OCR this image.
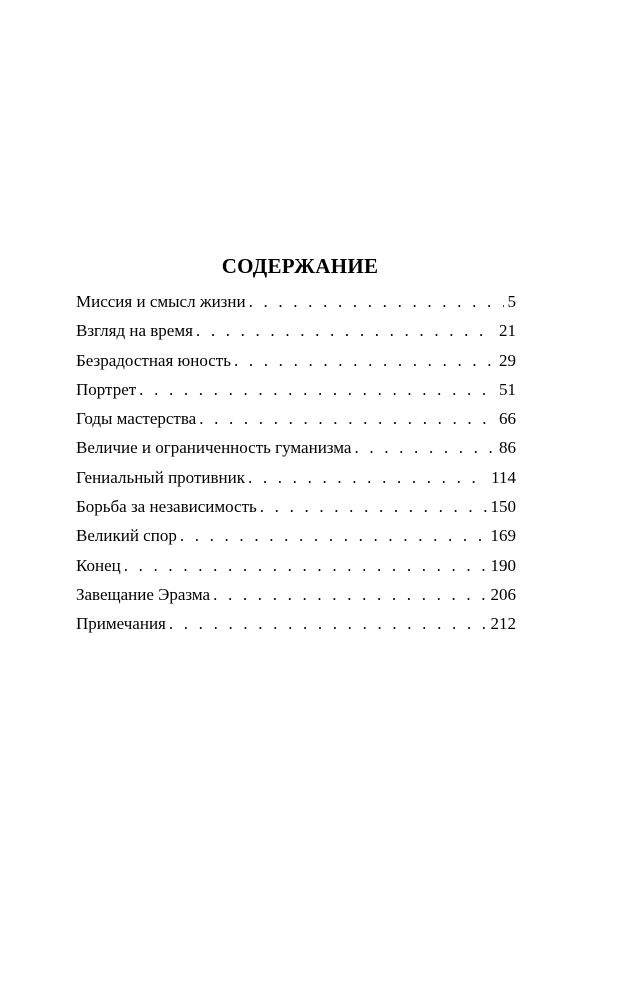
СОДЕРЖАНИЕ
Миссия и смысл жизни . . .	5
Взгляд на время . . .	21
Безрадостная юность . . .	29
Портрет . . .	51
Годы мастерства . . .	66
Величие и ограниченность гуманизма . . .	86
Гениальный противник . . .	114
Борьба за независимость . . .	150
Великий спор . . .	169
Конец . . .	190
Завещание Эразма . . .	206
Примечания . . .	212
